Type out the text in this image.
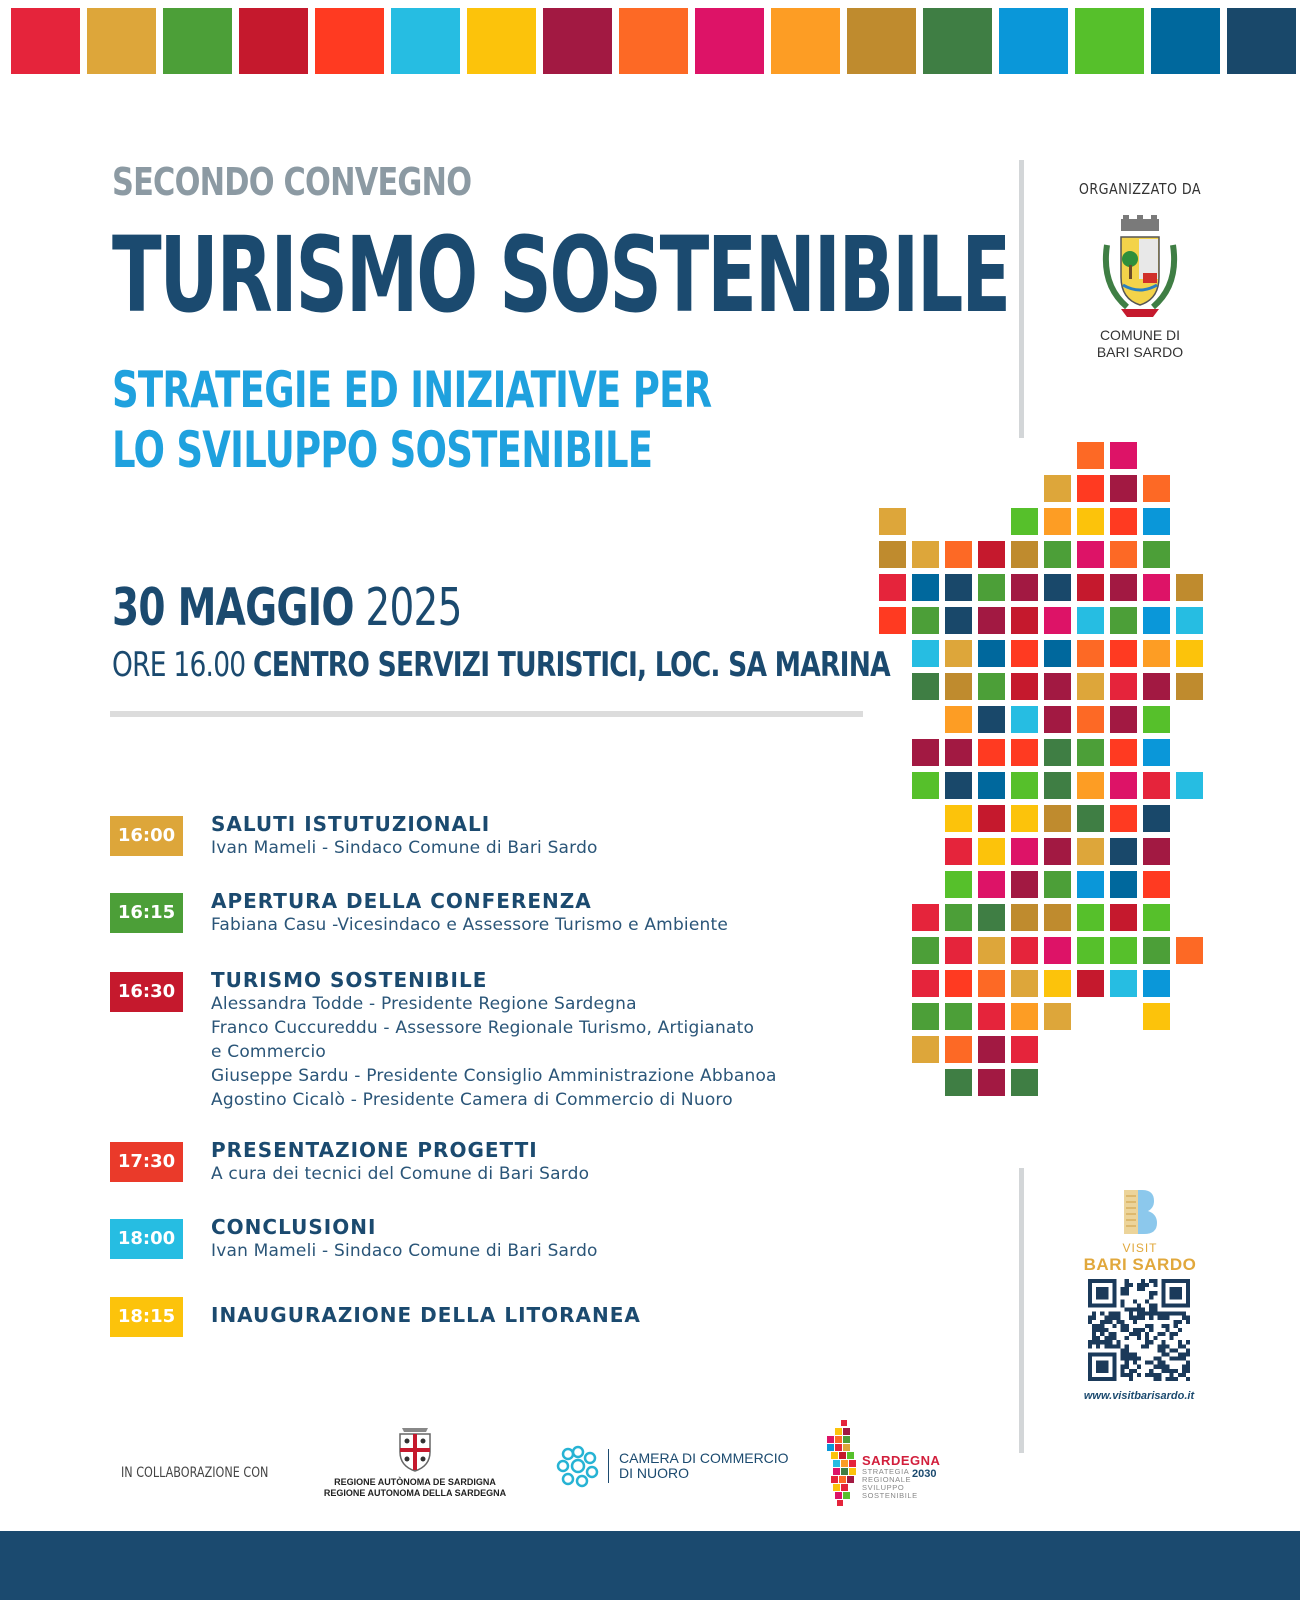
SECONDO CONVEGNO
TURISMO SOSTENIBILE
STRATEGIE ED INIZIATIVE PER
LO SVILUPPO SOSTENIBILE
30 MAGGIO 2025
ORE 16.00 CENTRO SERVIZI TURISTICI, LOC. SA MARINA
ORGANIZZATO DA
COMUNE DI
BARI SARDO
16:00	SALUTI ISTUTUZIONALI
Ivan Mameli - Sindaco Comune di Bari Sardo
16:15	APERTURA DELLA CONFERENZA
Fabiana Casu -Vicesindaco e Assessore Turismo e Ambiente
16:30	TURISMO SOSTENIBILE
Alessandra Todde - Presidente Regione Sardegna
Franco Cuccureddu - Assessore Regionale Turismo, Artigianato
e Commercio
Giuseppe Sardu - Presidente Consiglio Amministrazione Abbanoa
Agostino Cicalò - Presidente Camera di Commercio di Nuoro
17:30	PRESENTAZIONE PROGETTI
A cura dei tecnici del Comune di Bari Sardo
18:00	CONCLUSIONI
Ivan Mameli - Sindaco Comune di Bari Sardo
18:15	INAUGURAZIONE DELLA LITORANEA
VISIT
BARI SARDO
www.visitbarisardo.it
IN COLLABORAZIONE CON
REGIONE AUTÒNOMA DE SARDIGNA
REGIONE AUTONOMA DELLA SARDEGNA
CAMERA DI COMMERCIO
DI NUORO
SARDEGNA
STRATEGIA
REGIONALE
SVILUPPO
SOSTENIBILE
2030
